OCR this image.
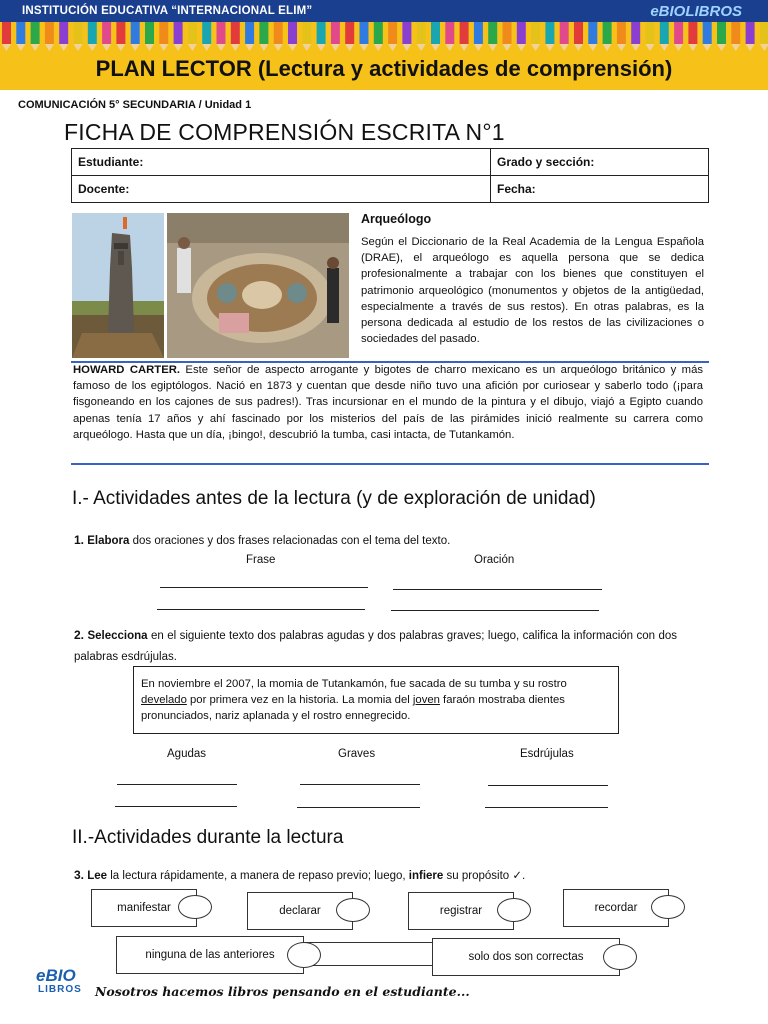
INSTITUCIÓN EDUCATIVA “INTERNACIONAL ELIM”	eBIOLIBROS
PLAN LECTOR (Lectura y actividades de comprensión)
COMUNICACIÓN 5° SECUNDARIA / Unidad 1
FICHA DE COMPRENSIÓN ESCRITA N°1
Estudiante:	Grado y sección:
Docente:	Fecha:
Arqueólogo
Según el Diccionario de la Real Academia de la Lengua Española (DRAE), el arqueólogo es aquella persona que se dedica profesionalmente a trabajar con los bienes que constituyen el patrimonio arqueológico (monumentos y objetos de la antigüedad, especialmente a través de sus restos). En otras palabras, es la persona dedicada al estudio de los restos de las civilizaciones o sociedades del pasado.
HOWARD CARTER. Este señor de aspecto arrogante y bigotes de charro mexicano es un arqueólogo británico y más famoso de los egiptólogos. Nació en 1873 y cuentan que desde niño tuvo una afición por curiosear y saberlo todo (¡para fisgoneando en los cajones de sus padres!). Tras incursionar en el mundo de la pintura y el dibujo, viajó a Egipto cuando apenas tenía 17 años y ahí fascinado por los misterios del país de las pirámides inició realmente su carrera como arqueólogo. Hasta que un día, ¡bingo!, descubrió la tumba, casi intacta, de Tutankamón.
I.- Actividades antes de la lectura (y de exploración de unidad)
1. Elabora dos oraciones y dos frases relacionadas con el tema del texto.
Frase	Oración
2. Selecciona en el siguiente texto dos palabras agudas y dos palabras graves; luego, califica la información con dos palabras esdrújulas.
En noviembre el 2007, la momia de Tutankamón, fue sacada de su tumba y su rostro develado por primera vez en la historia. La momia del joven faraón mostraba dientes pronunciados, nariz aplanada y el rostro ennegrecido.
Agudas	Graves	Esdrújulas
II.-Actividades durante la lectura
3. Lee la lectura rápidamente, a manera de repaso previo; luego, infiere su propósito ✓.
manifestar	declarar	registrar	recordar
ninguna de las anteriores	solo dos son correctas
eBIO
LIBROS Nosotros hacemos libros pensando en el estudiante...
